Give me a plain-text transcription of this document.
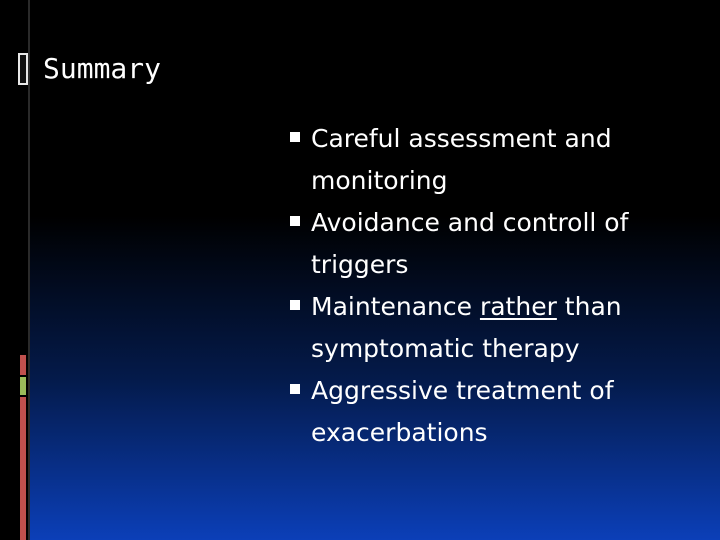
Summary
Careful assessment and monitoring
Avoidance and controll of triggers
Maintenance rather than symptomatic therapy
Aggressive treatment of exacerbations
